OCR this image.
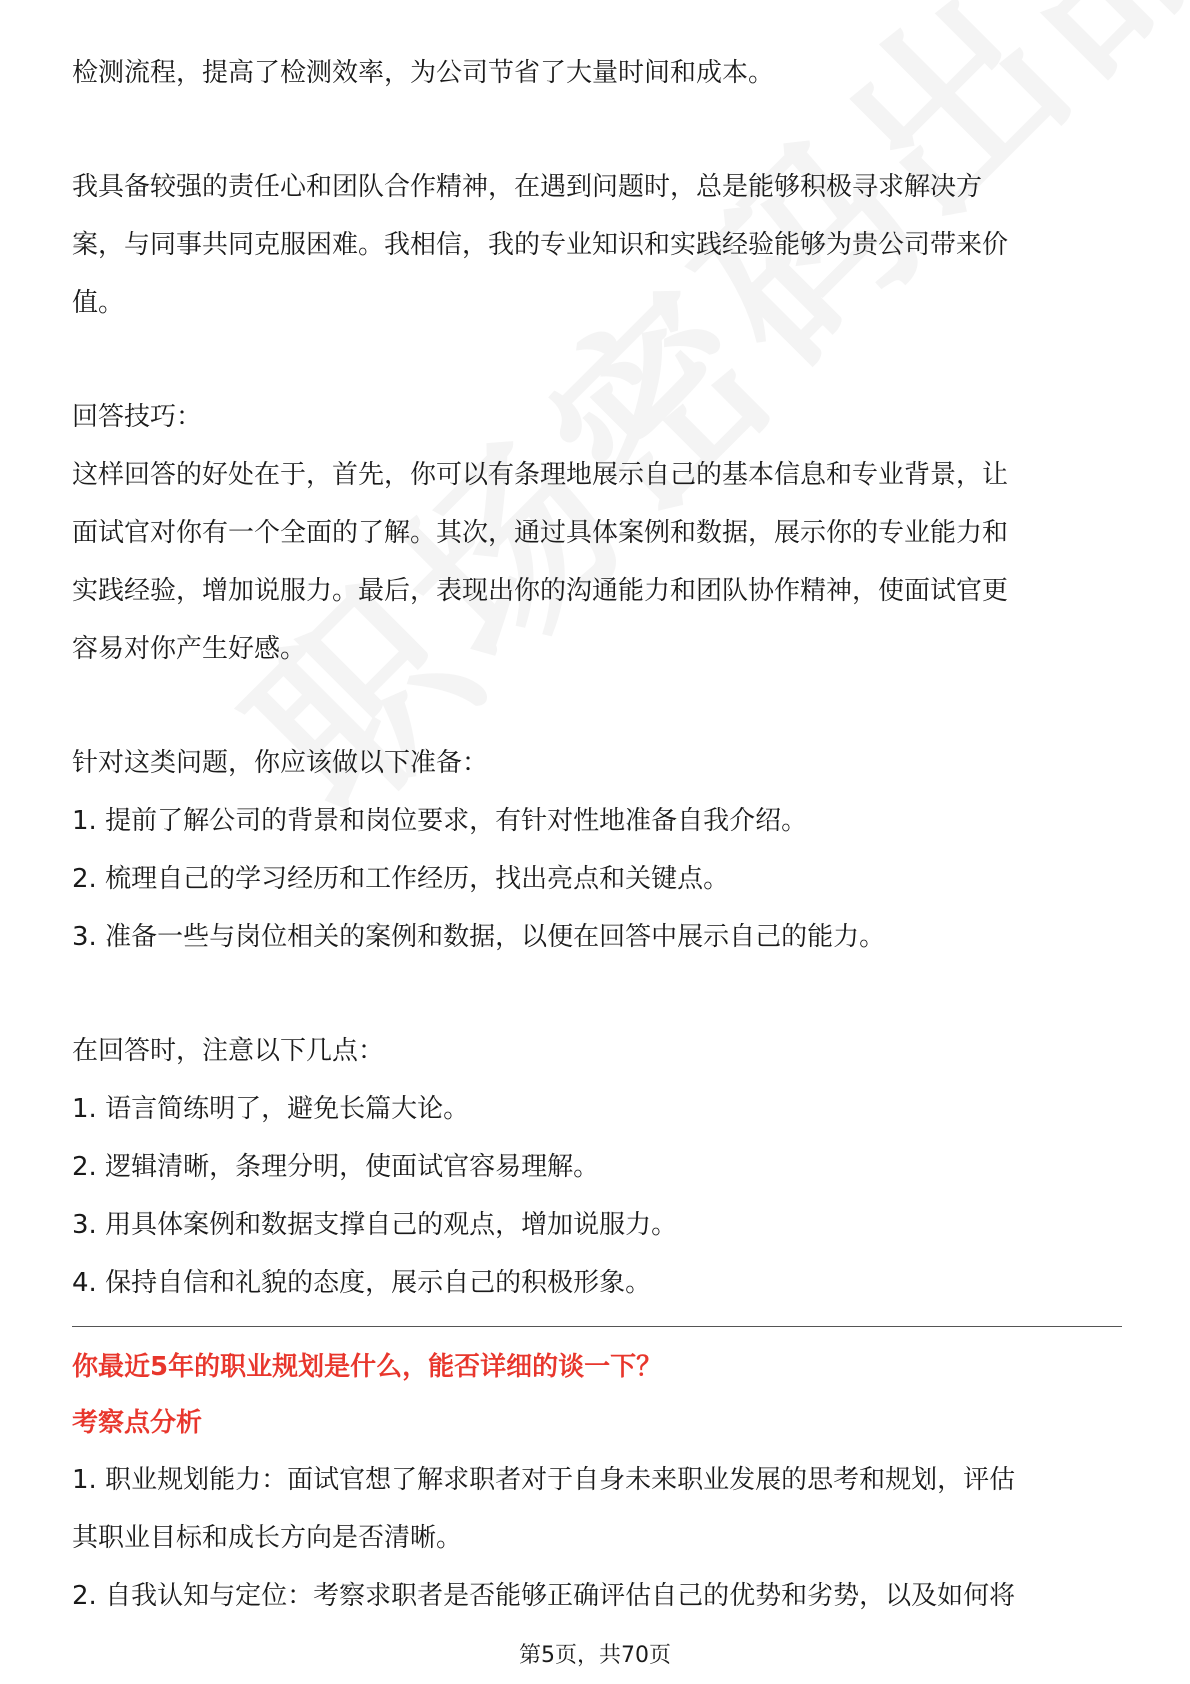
检测流程，提高了检测效率，为公司节省了大量时间和成本。

我具备较强的责任心和团队合作精神，在遇到问题时，总是能够积极寻求解决方

案，与同事共同克服困难。我相信，我的专业知识和实践经验能够为贵公司带来价

值。

回答技巧：

这样回答的好处在于，首先，你可以有条理地展示自己的基本信息和专业背景，让

面试官对你有一个全面的了解。其次，通过具体案例和数据，展示你的专业能力和

实践经验，增加说服力。最后，表现出你的沟通能力和团队协作精神，使面试官更

容易对你产生好感。

针对这类问题，你应该做以下准备：

1. 提前了解公司的背景和岗位要求，有针对性地准备自我介绍。

2. 梳理自己的学习经历和工作经历，找出亮点和关键点。

3. 准备一些与岗位相关的案例和数据，以便在回答中展示自己的能力。

在回答时，注意以下几点：

1. 语言简练明了，避免长篇大论。

2. 逻辑清晰，条理分明，使面试官容易理解。

3. 用具体案例和数据支撑自己的观点，增加说服力。

4. 保持自信和礼貌的态度，展示自己的积极形象。

你最近5年的职业规划是什么，能否详细的谈一下？

考察点分析

1. 职业规划能力：面试官想了解求职者对于自身未来职业发展的思考和规划，评估

其职业目标和成长方向是否清晰。

2. 自我认知与定位：考察求职者是否能够正确评估自己的优势和劣势，以及如何将

第5页，共70页
